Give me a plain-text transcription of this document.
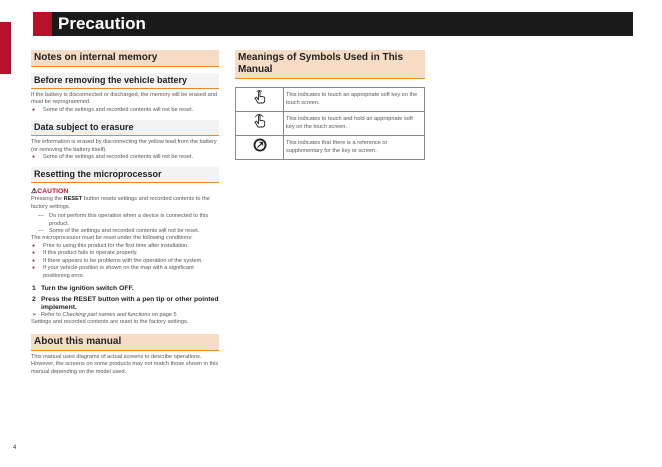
Precaution
Notes on internal memory
Before removing the vehicle battery
If the battery is disconnected or discharged, the memory will be erased and must be reprogrammed.
● Some of the settings and recorded contents will not be reset.
Data subject to erasure
The information is erased by disconnecting the yellow lead from the battery (or removing the battery itself).
● Some of the settings and recorded contents will not be reset.
Resetting the microprocessor
⚠CAUTION
Pressing the RESET button resets settings and recorded contents to the factory settings.
— Do not perform this operation when a device is connected to this product.
— Some of the settings and recorded contents will not be reset.
The microprocessor must be reset under the following conditions:
● Prior to using this product for the first time after installation.
● If this product fails to operate properly.
● If there appears to be problems with the operation of the system.
● If your vehicle position is shown on the map with a significant positioning error.
1 Turn the ignition switch OFF.
2 Press the RESET button with a pen tip or other pointed implement.
➢ Refer to Checking part names and functions on page 5
Settings and recorded contents are reset to the factory settings.
About this manual
This manual uses diagrams of actual screens to describe operations. However, the screens on some products may not match those shown in this manual depending on the model used.
Meanings of Symbols Used in This Manual
	This indicates to touch an appropriate soft key on the touch screen.
	This indicates to touch and hold an appropriate soft key on the touch screen.
	This indicates that there is a reference or supplementary for the key or screen.
4
